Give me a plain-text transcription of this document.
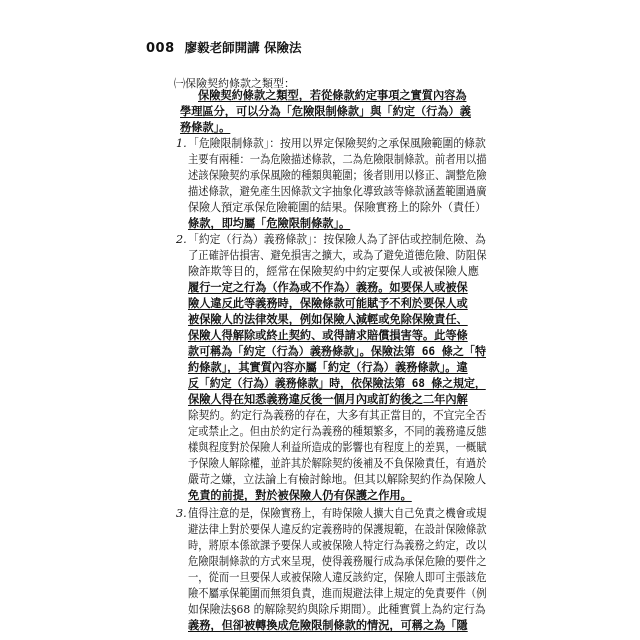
008 廖毅老師開講 保險法
㈠保險契約條款之類型：
保險契約條款之類型，若從條款約定事項之實質內容為
學理區分，可以分為「危險限制條款」與「約定（行為）義
務條款」。
1. 「危險限制條款」：按用以界定保險契約之承保風險範圍的條款
主要有兩種：一為危險描述條款，二為危險限制條款。前者用以描
述該保險契約承保風險的種類與範圍；後者則用以修正、調整危險
描述條款，避免產生因條款文字抽象化導致該等條款涵蓋範圍過廣
保險人預定承保危險範圍的結果。保險實務上的除外（責任）
條款，即均屬「危險限制條款」。
2. 「約定（行為）義務條款」：按保險人為了評估或控制危險、為
了正確評估損害、避免損害之擴大，或為了避免道德危險、防阻保
險詐欺等目的，經常在保險契約中約定要保人或被保險人應
履行一定之行為（作為或不作為）義務。如要保人或被保
險人違反此等義務時，保險條款可能賦予不利於要保人或
被保險人的法律效果，例如保險人減輕或免除保險責任、
保險人得解除或終止契約、或得請求賠償損害等。此等條
款可稱為「約定（行為）義務條款」。保險法第 66 條之「特
約條款」，其實質內容亦屬「約定（行為）義務條款」。違
反「約定（行為）義務條款」時，依保險法第 68 條之規定，
保險人得在知悉義務違反後一個月內或訂約後之二年內解
除契約。約定行為義務的存在，大多有其正當目的，不宜完全否
定或禁止之。但由於約定行為義務的種類繁多，不同的義務違反態
樣與程度對於保險人利益所造成的影響也有程度上的差異，一概賦
予保險人解除權，並許其於解除契約後補及不負保險責任，有過於
嚴苛之嫌，立法論上有檢討餘地。但其以解除契約作為保險人
免責的前提，對於被保險人仍有保護之作用。
3. 值得注意的是，保險實務上，有時保險人擴大自己免責之機會或規
避法律上對於要保人違反約定義務時的保護規範，在設計保險條款
時，將原本係欲課予要保人或被保險人特定行為義務之約定，改以
危險限制條款的方式來呈現，使得義務履行成為承保危險的要件之
一，從而一旦要保人或被保險人違反該約定，保險人即可主張該危
險不屬承保範圍而無須負責，進而規避法律上規定的免責要件（例
如保險法§68 的解除契約與除斥期間）。此種實質上為約定行為
義務，但卻被轉換成危險限制條款的情況，可稱之為「隱
